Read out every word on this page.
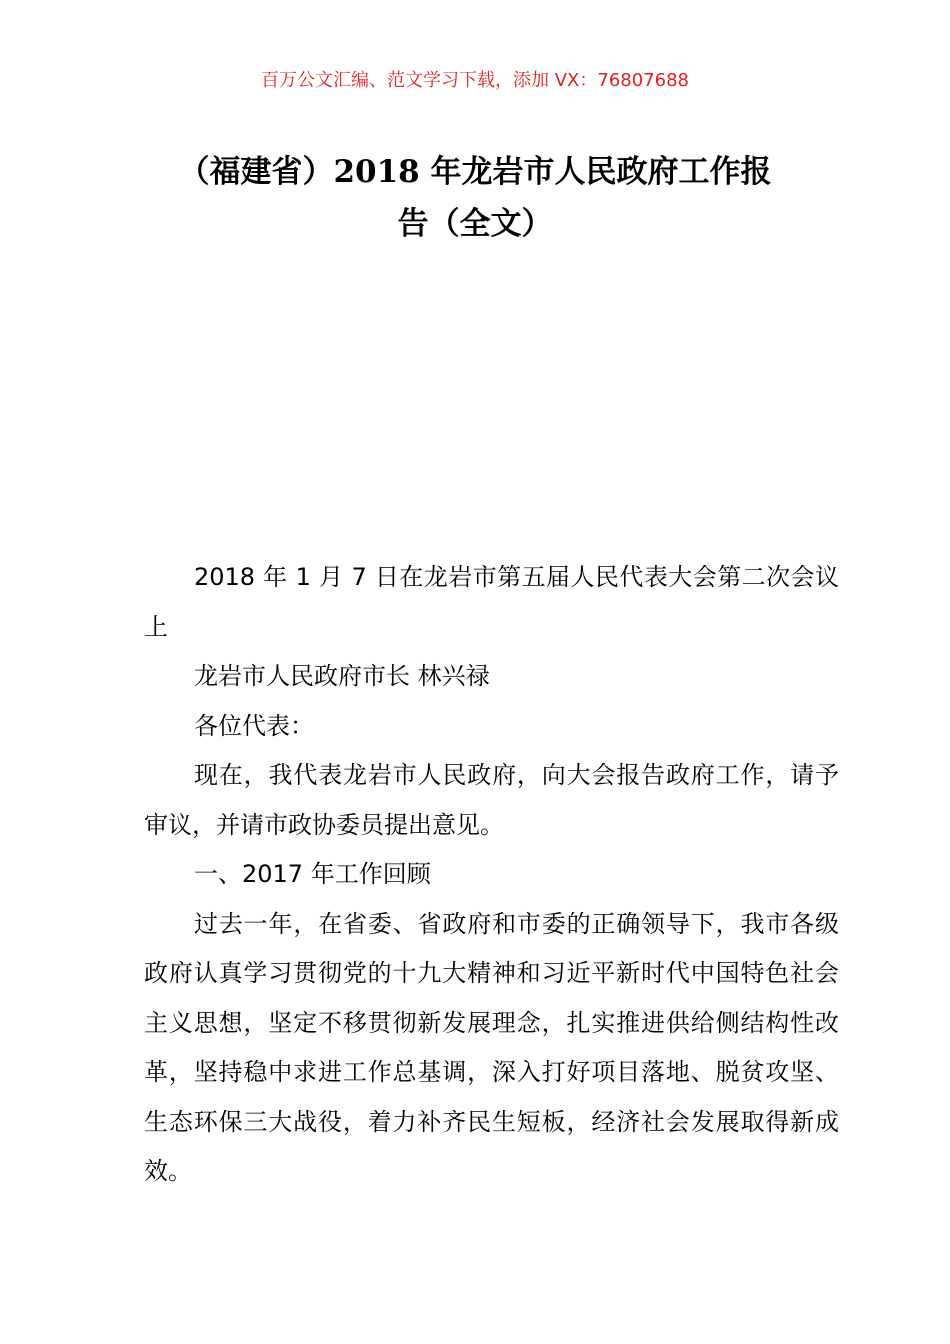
百万公文汇编、范文学习下载，添加 VX：76807688
（福建省）2018 年龙岩市人民政府工作报
告（全文）

2018 年 1 月 7 日在龙岩市第五届人民代表大会第二次会议上

龙岩市人民政府市长 林兴禄

各位代表：

现在，我代表龙岩市人民政府，向大会报告政府工作，请予审议，并请市政协委员提出意见。

一、2017 年工作回顾

过去一年，在省委、省政府和市委的正确领导下，我市各级政府认真学习贯彻党的十九大精神和习近平新时代中国特色社会主义思想，坚定不移贯彻新发展理念，扎实推进供给侧结构性改革，坚持稳中求进工作总基调，深入打好项目落地、脱贫攻坚、生态环保三大战役，着力补齐民生短板，经济社会发展取得新成效。
